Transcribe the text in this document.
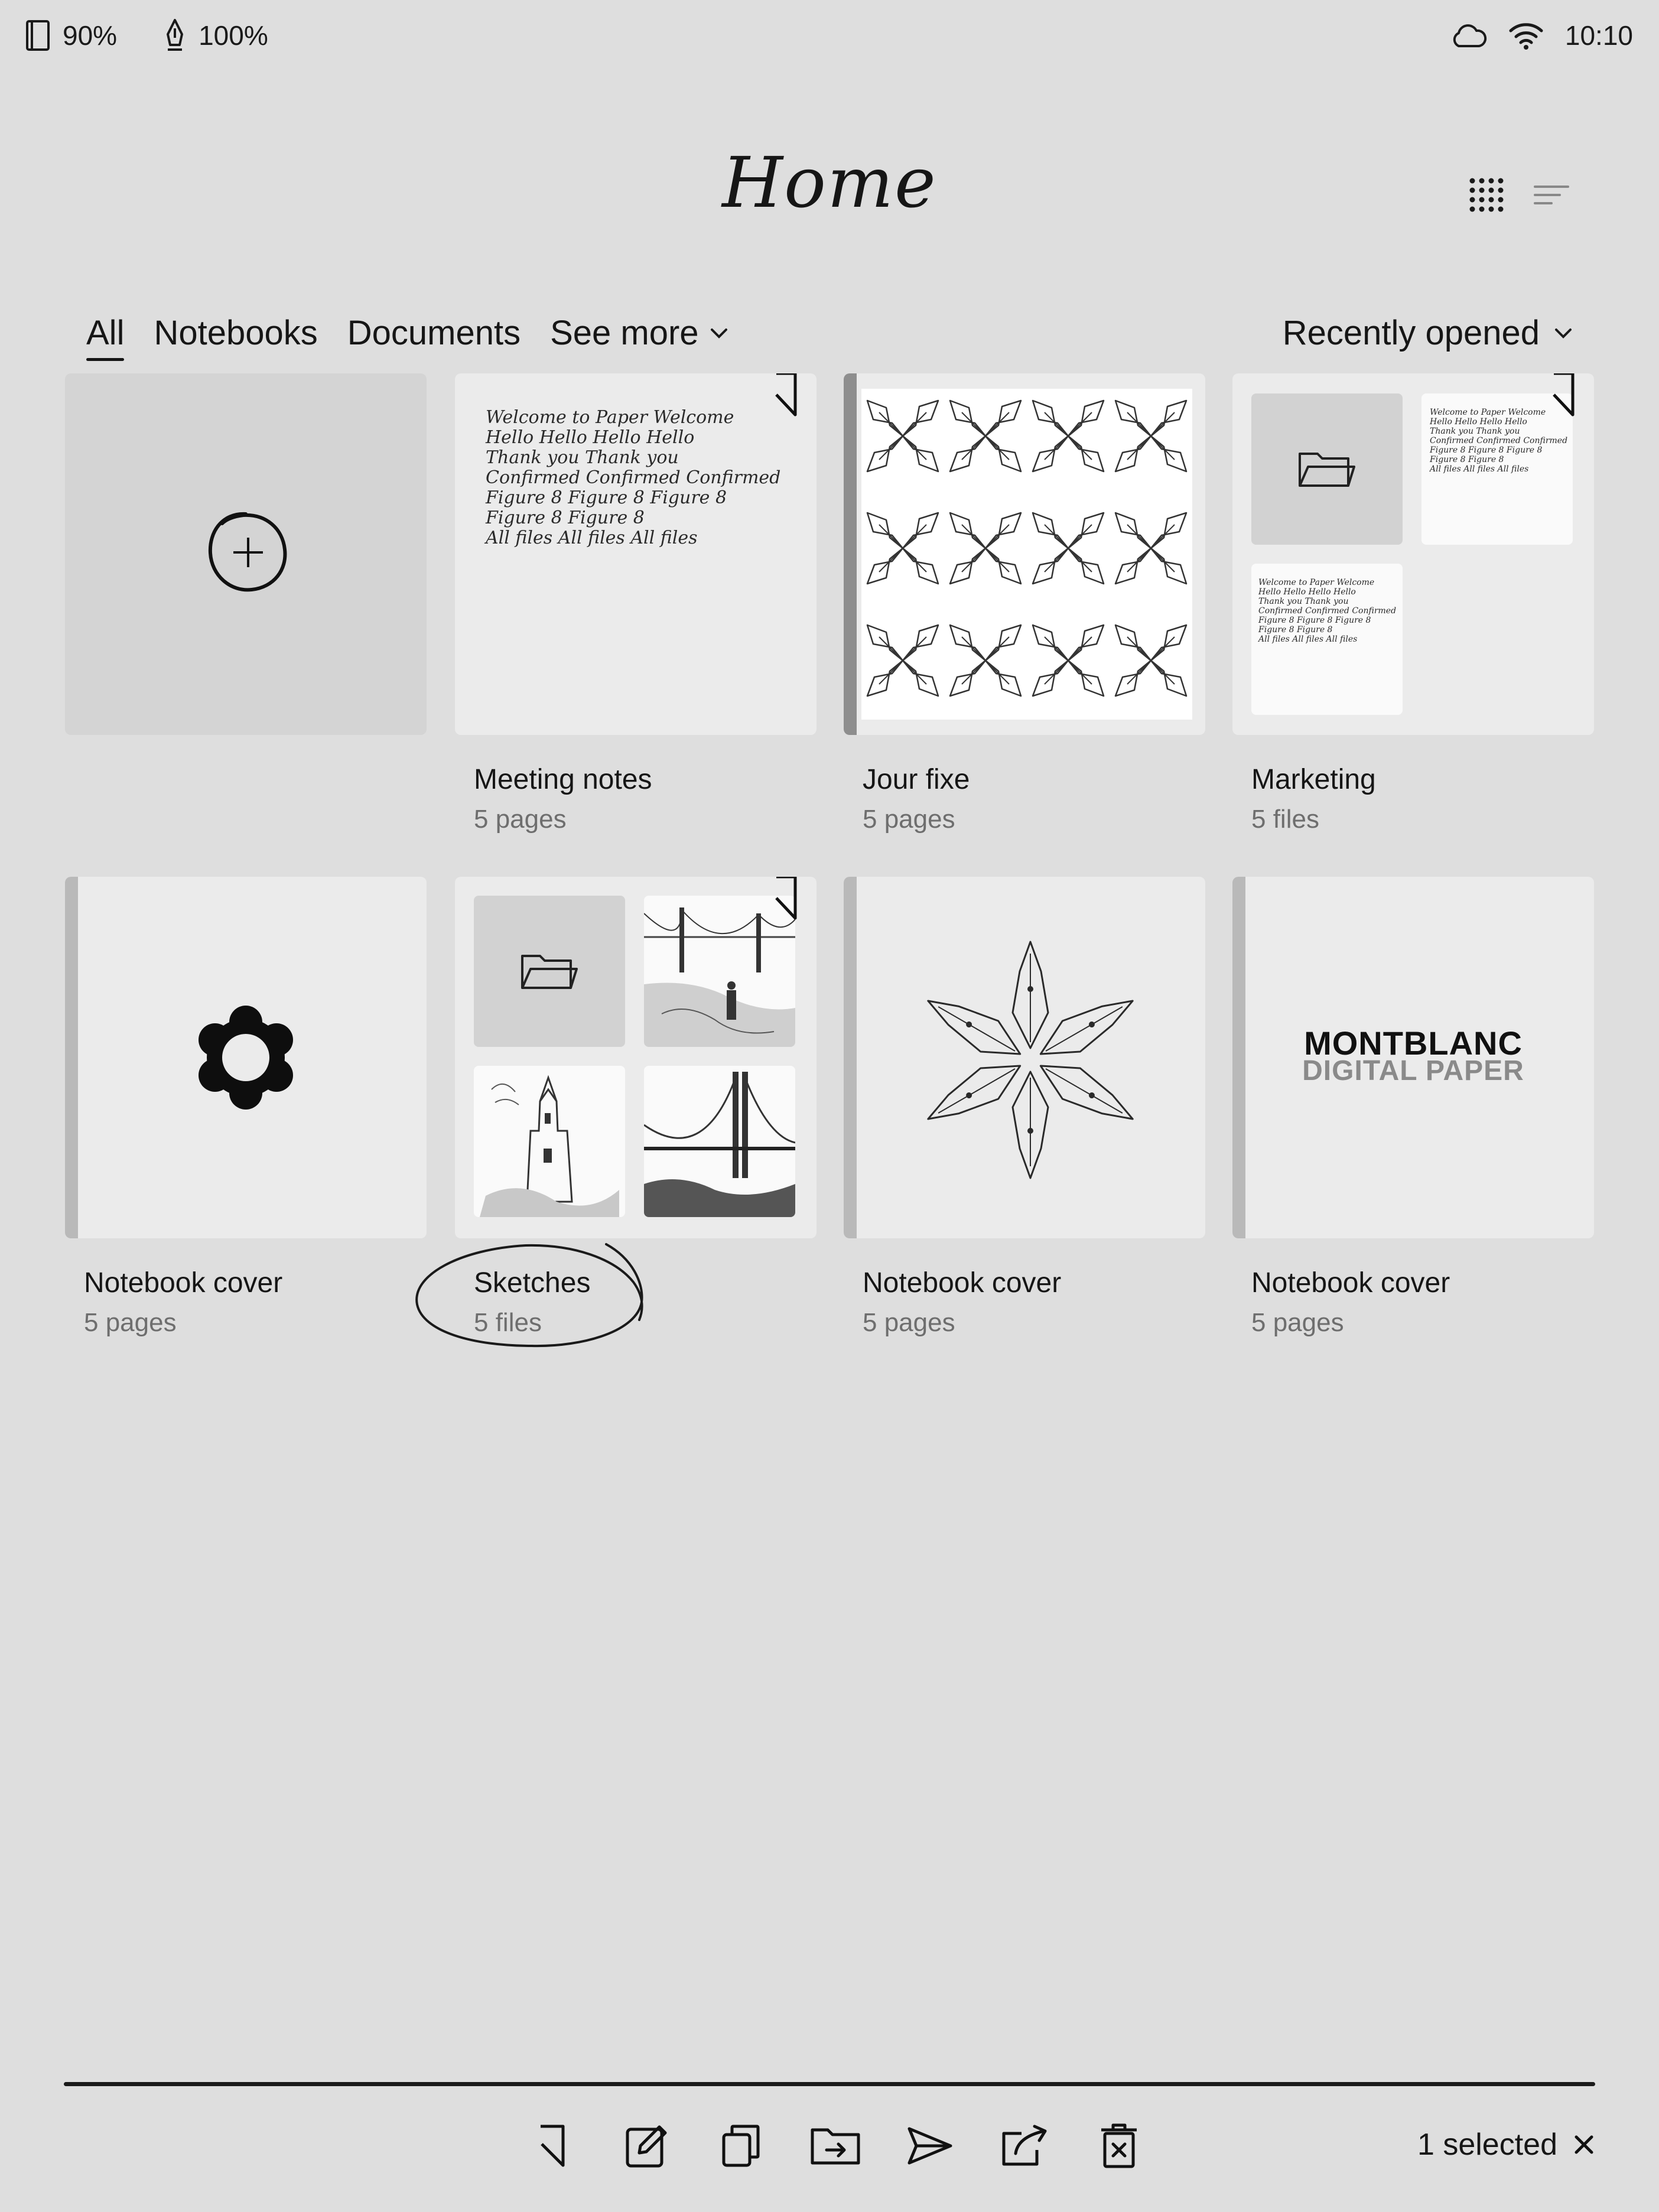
90%	100%	10:10
Home
All Notebooks Documents See more	Recently opened
Welcome to Paper Welcome
Hello Hello Hello Hello
Thank you Thank you
Confirmed Confirmed Confirmed
Figure 8 Figure 8 Figure 8
Figure 8 Figure 8
All files All files All files
Meeting notes
5 pages
Jour fixe
5 pages
Welcome to Paper Welcome
Hello Hello Hello Hello
Thank you Thank you
Confirmed Confirmed Confirmed
Figure 8 Figure 8 Figure 8
Figure 8 Figure 8
All files All files All files
Welcome to Paper Welcome
Hello Hello Hello Hello
Thank you Thank you
Confirmed Confirmed Confirmed
Figure 8 Figure 8 Figure 8
Figure 8 Figure 8
All files All files All files
Marketing
5 files
Notebook cover
5 pages
Sketches
5 files
Notebook cover
5 pages
MONTBLANC
DIGITAL PAPER
Notebook cover
5 pages
1 selected
